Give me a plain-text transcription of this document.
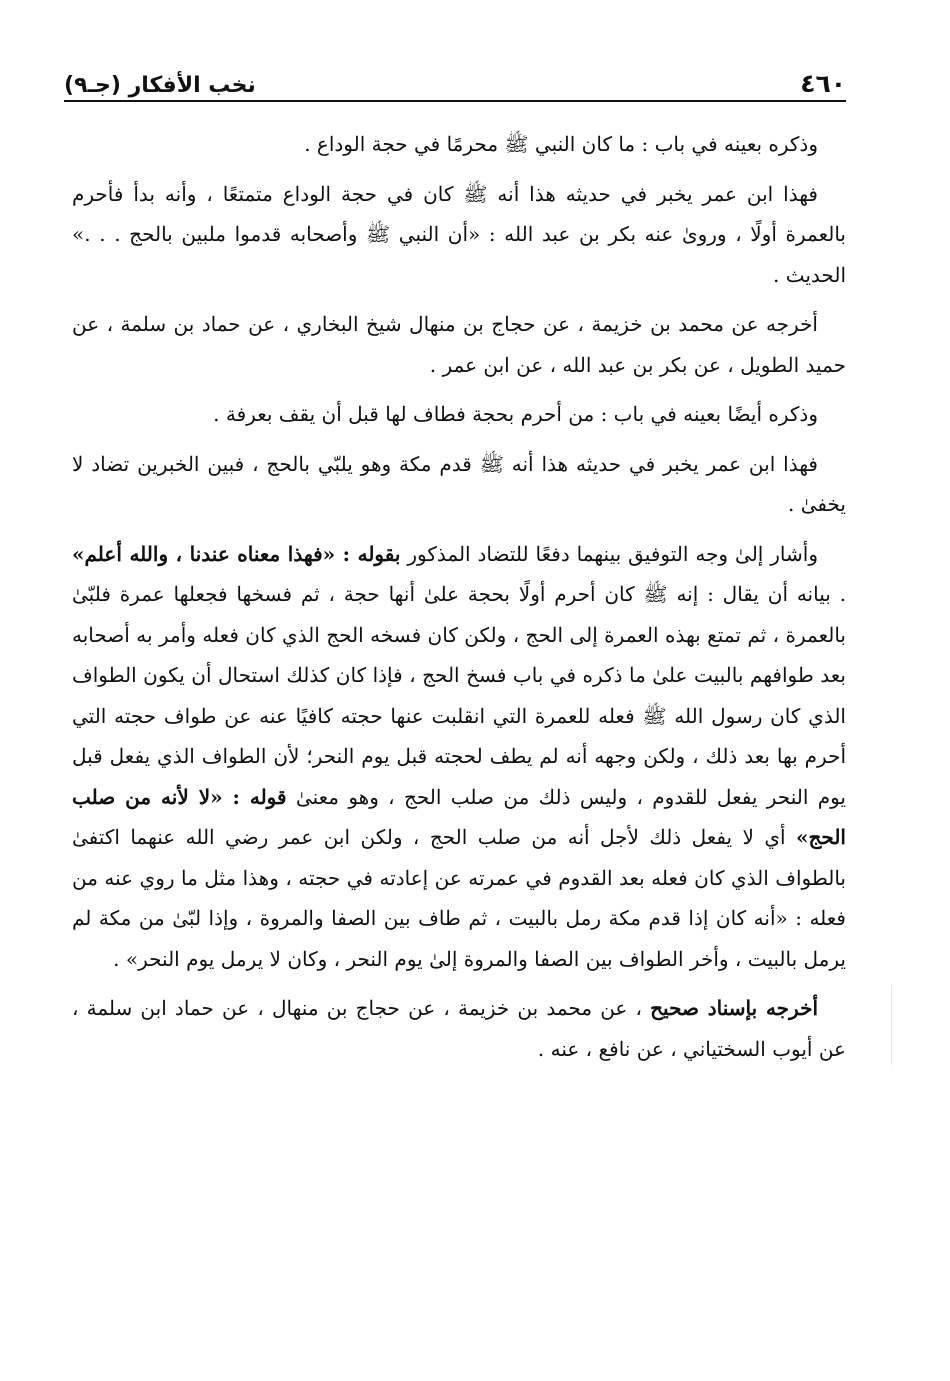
٤٦٠
نخب الأفكار (جـ٩)

وذكره بعينه في باب : ما كان النبي ﷺ محرمًا في حجة الوداع .

فهذا ابن عمر يخبر في حديثه هذا أنه ﷺ كان في حجة الوداع متمتعًا ، وأنه بدأ فأحرم بالعمرة أولًا ، وروىٰ عنه بكر بن عبد الله : «أن النبي ﷺ وأصحابه قدموا ملبين بالحج . . .» الحديث .

أخرجه عن محمد بن خزيمة ، عن حجاج بن منهال شيخ البخاري ، عن حماد بن سلمة ، عن حميد الطويل ، عن بكر بن عبد الله ، عن ابن عمر .

وذكره أيضًا بعينه في باب : من أحرم بحجة فطاف لها قبل أن يقف بعرفة .

فهذا ابن عمر يخبر في حديثه هذا أنه ﷺ قدم مكة وهو يلبّي بالحج ، فبين الخبرين تضاد لا يخفىٰ .

وأشار إلىٰ وجه التوفيق بينهما دفعًا للتضاد المذكور بقوله : «فهذا معناه عندنا ، والله أعلم» . بيانه أن يقال : إنه ﷺ كان أحرم أولًا بحجة علىٰ أنها حجة ، ثم فسخها فجعلها عمرة فلبّىٰ بالعمرة ، ثم تمتع بهذه العمرة إلى الحج ، ولكن كان فسخه الحج الذي كان فعله وأمر به أصحابه بعد طوافهم بالبيت علىٰ ما ذكره في باب فسخ الحج ، فإذا كان كذلك استحال أن يكون الطواف الذي كان رسول الله ﷺ فعله للعمرة التي انقلبت عنها حجته كافيًا عنه عن طواف حجته التي أحرم بها بعد ذلك ، ولكن وجهه أنه لم يطف لحجته قبل يوم النحر؛ لأن الطواف الذي يفعل قبل يوم النحر يفعل للقدوم ، وليس ذلك من صلب الحج ، وهو معنىٰ قوله : «لا لأنه من صلب الحج» أي لا يفعل ذلك لأجل أنه من صلب الحج ، ولكن ابن عمر رضي الله عنهما اكتفىٰ بالطواف الذي كان فعله بعد القدوم في عمرته عن إعادته في حجته ، وهذا مثل ما روي عنه من فعله : «أنه كان إذا قدم مكة رمل بالبيت ، ثم طاف بين الصفا والمروة ، وإذا لبّىٰ من مكة لم يرمل بالبيت ، وأخر الطواف بين الصفا والمروة إلىٰ يوم النحر ، وكان لا يرمل يوم النحر» .

أخرجه بإسناد صحيح ، عن محمد بن خزيمة ، عن حجاج بن منهال ، عن حماد ابن سلمة ، عن أيوب السختياني ، عن نافع ، عنه .
